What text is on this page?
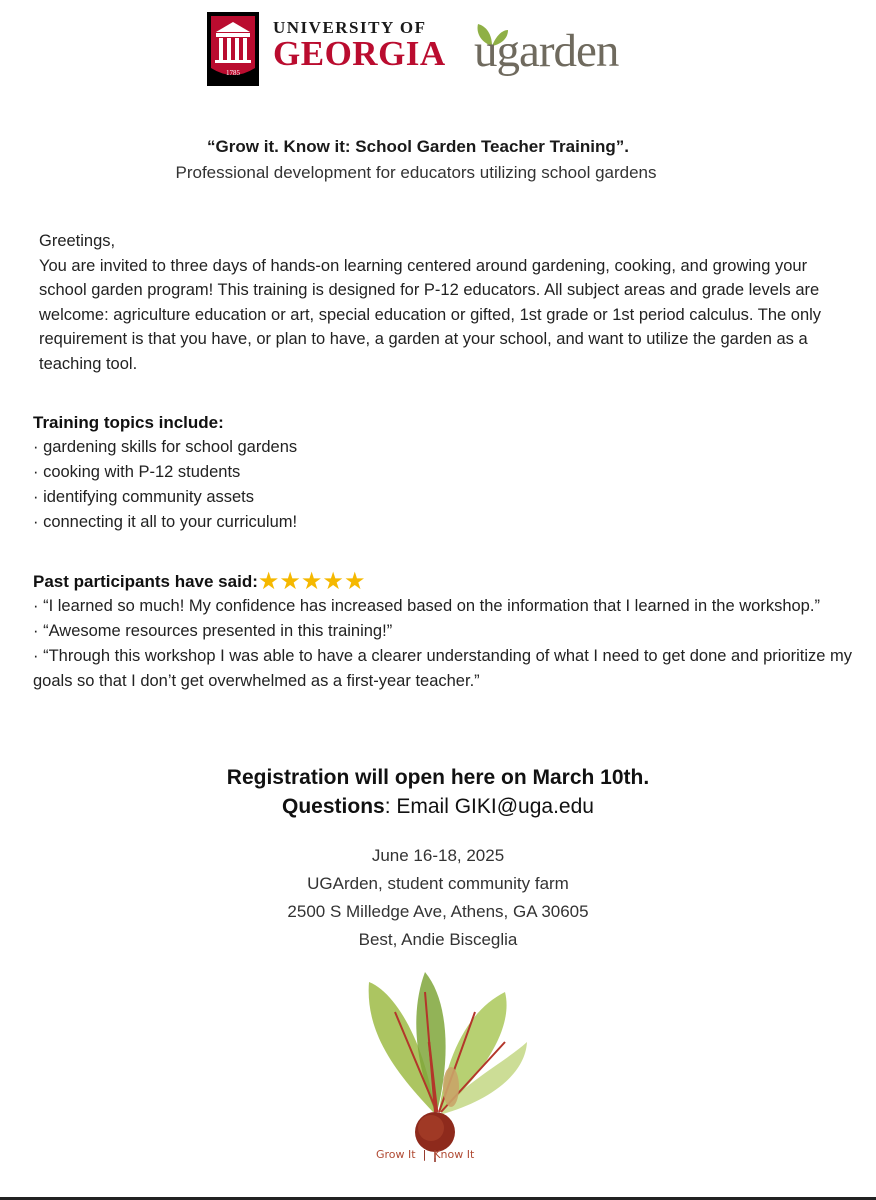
1785
UNIVERSITY OF
GEORGIA ugarden
“Grow it. Know it: School Garden Teacher Training”.
Professional development for educators utilizing school gardens
Greetings,
You are invited to three days of hands-on learning centered around gardening, cooking, and growing your school garden program! This training is designed for P-12 educators. All subject areas and grade levels are welcome: agriculture education or art, special education or gifted, 1st grade or 1st period calculus. The only requirement is that you have, or plan to have, a garden at your school, and want to utilize the garden as a teaching tool.
Training topics include:
· gardening skills for school gardens
· cooking with P-12 students
· identifying community assets
· connecting it all to your curriculum!
Past participants have said:★★★★★
· “I learned so much! My confidence has increased based on the information that I learned in the workshop.”
· “Awesome resources presented in this training!”
· “Through this workshop I was able to have a clearer understanding of what I need to get done and prioritize my goals so that I don’t get overwhelmed as a first-year teacher.”
Registration will open here on March 10th.
Questions: Email GIKI@uga.edu
June 16-18, 2025
UGArden, student community farm
2500 S Milledge Ave, Athens, GA 30605
Best, Andie Bisceglia
Grow It | Know It
